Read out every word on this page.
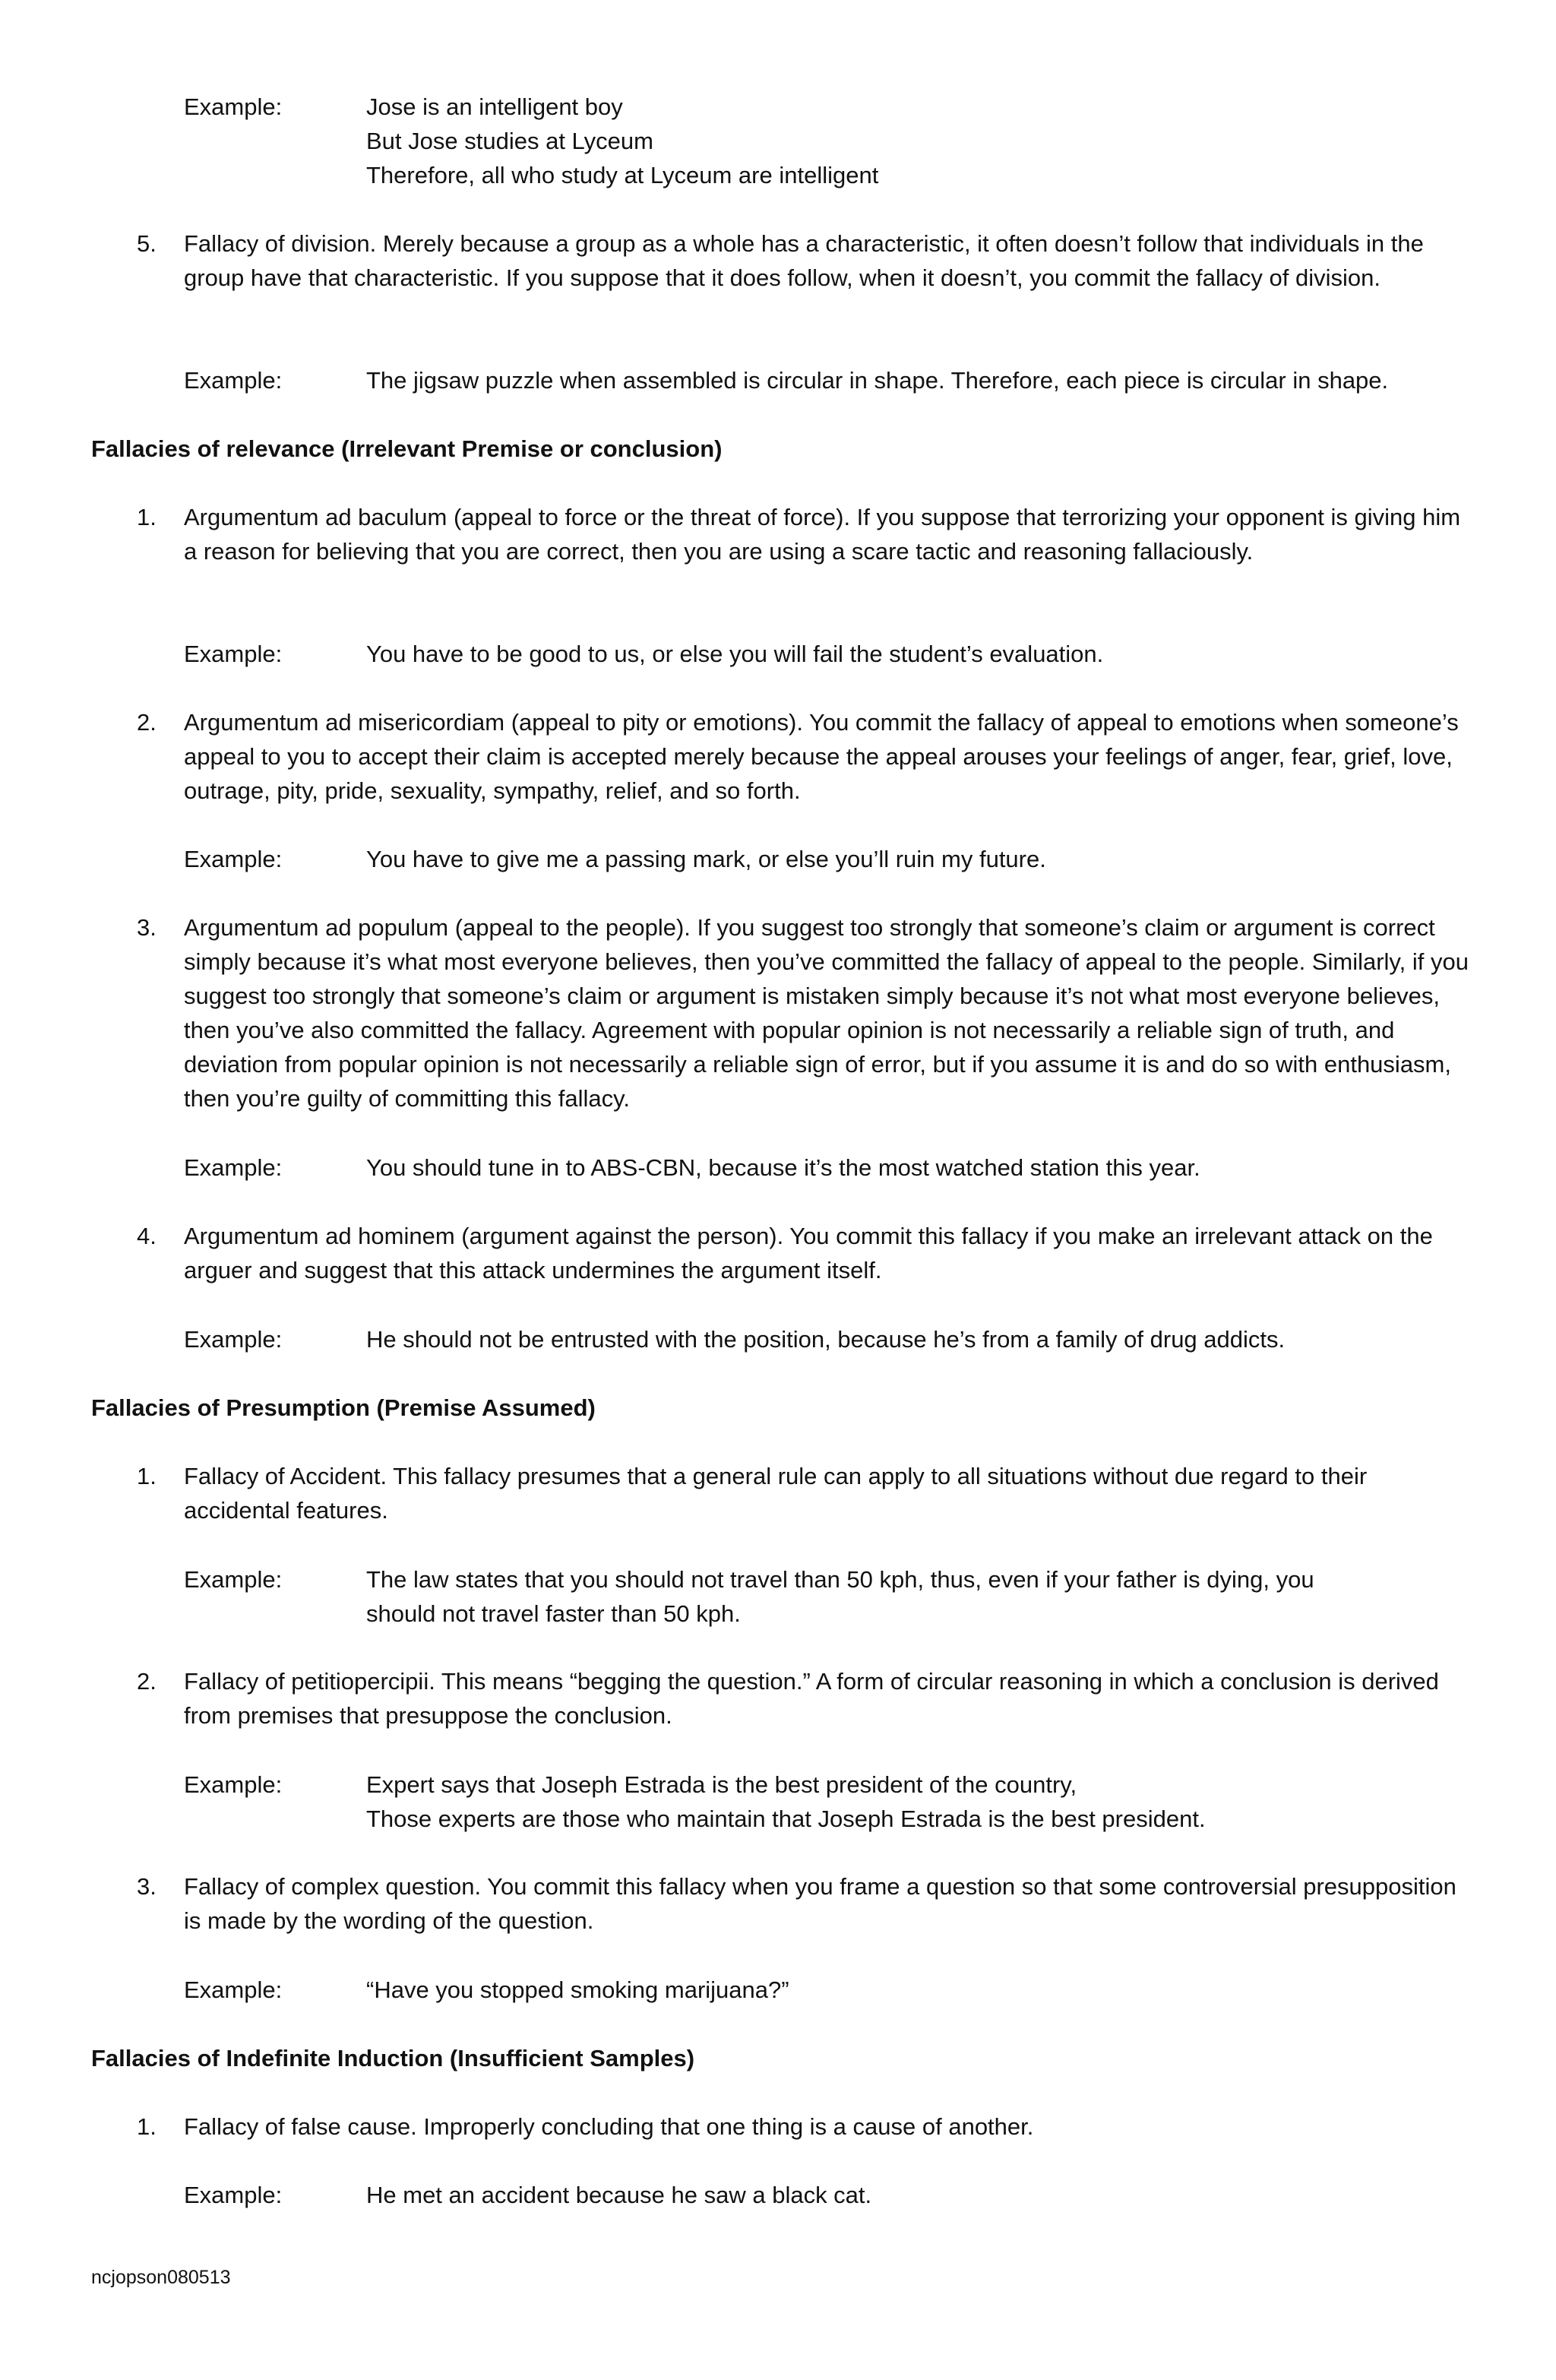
Example:	Jose is an intelligent boy
But Jose studies at Lyceum
Therefore, all who study at Lyceum are intelligent
5. Fallacy of division. Merely because a group as a whole has a characteristic, it often doesn’t follow that individuals in the group have that characteristic. If you suppose that it does follow, when it doesn’t, you commit the fallacy of division.
Example:	The jigsaw puzzle when assembled is circular in shape. Therefore, each piece is circular in shape.
Fallacies of relevance (Irrelevant Premise or conclusion)
1. Argumentum ad baculum (appeal to force or the threat of force). If you suppose that terrorizing your opponent is giving him a reason for believing that you are correct, then you are using a scare tactic and reasoning fallaciously.
Example:	You have to be good to us, or else you will fail the student’s evaluation.
2. Argumentum ad misericordiam (appeal to pity or emotions). You commit the fallacy of appeal to emotions when someone’s appeal to you to accept their claim is accepted merely because the appeal arouses your feelings of anger, fear, grief, love, outrage, pity, pride, sexuality, sympathy, relief, and so forth.
Example:	You have to give me a passing mark, or else you’ll ruin my future.
3. Argumentum ad populum (appeal to the people). If you suggest too strongly that someone’s claim or argument is correct simply because it’s what most everyone believes, then you’ve committed the fallacy of appeal to the people. Similarly, if you suggest too strongly that someone’s claim or argument is mistaken simply because it’s not what most everyone believes, then you’ve also committed the fallacy. Agreement with popular opinion is not necessarily a reliable sign of truth, and deviation from popular opinion is not necessarily a reliable sign of error, but if you assume it is and do so with enthusiasm, then you’re guilty of committing this fallacy.
Example:	You should tune in to ABS-CBN, because it’s the most watched station this year.
4. Argumentum ad hominem (argument against the person). You commit this fallacy if you make an irrelevant attack on the arguer and suggest that this attack undermines the argument itself.
Example:	He should not be entrusted with the position, because he’s from a family of drug addicts.
Fallacies of Presumption (Premise Assumed)
1. Fallacy of Accident. This fallacy presumes that a general rule can apply to all situations without due regard to their accidental features.
Example:	The law states that you should not travel than 50 kph, thus, even if your father is dying, you
should not travel faster than 50 kph.
2. Fallacy of petitiopercipii. This means “begging the question.” A form of circular reasoning in which a conclusion is derived from premises that presuppose the conclusion.
Example:	Expert says that Joseph Estrada is the best president of the country,
Those experts are those who maintain that Joseph Estrada is the best president.
3. Fallacy of complex question. You commit this fallacy when you frame a question so that some controversial presupposition is made by the wording of the question.
Example:	“Have you stopped smoking marijuana?”
Fallacies of Indefinite Induction (Insufficient Samples)
1. Fallacy of false cause. Improperly concluding that one thing is a cause of another.
Example:	He met an accident because he saw a black cat.
ncjopson080513
